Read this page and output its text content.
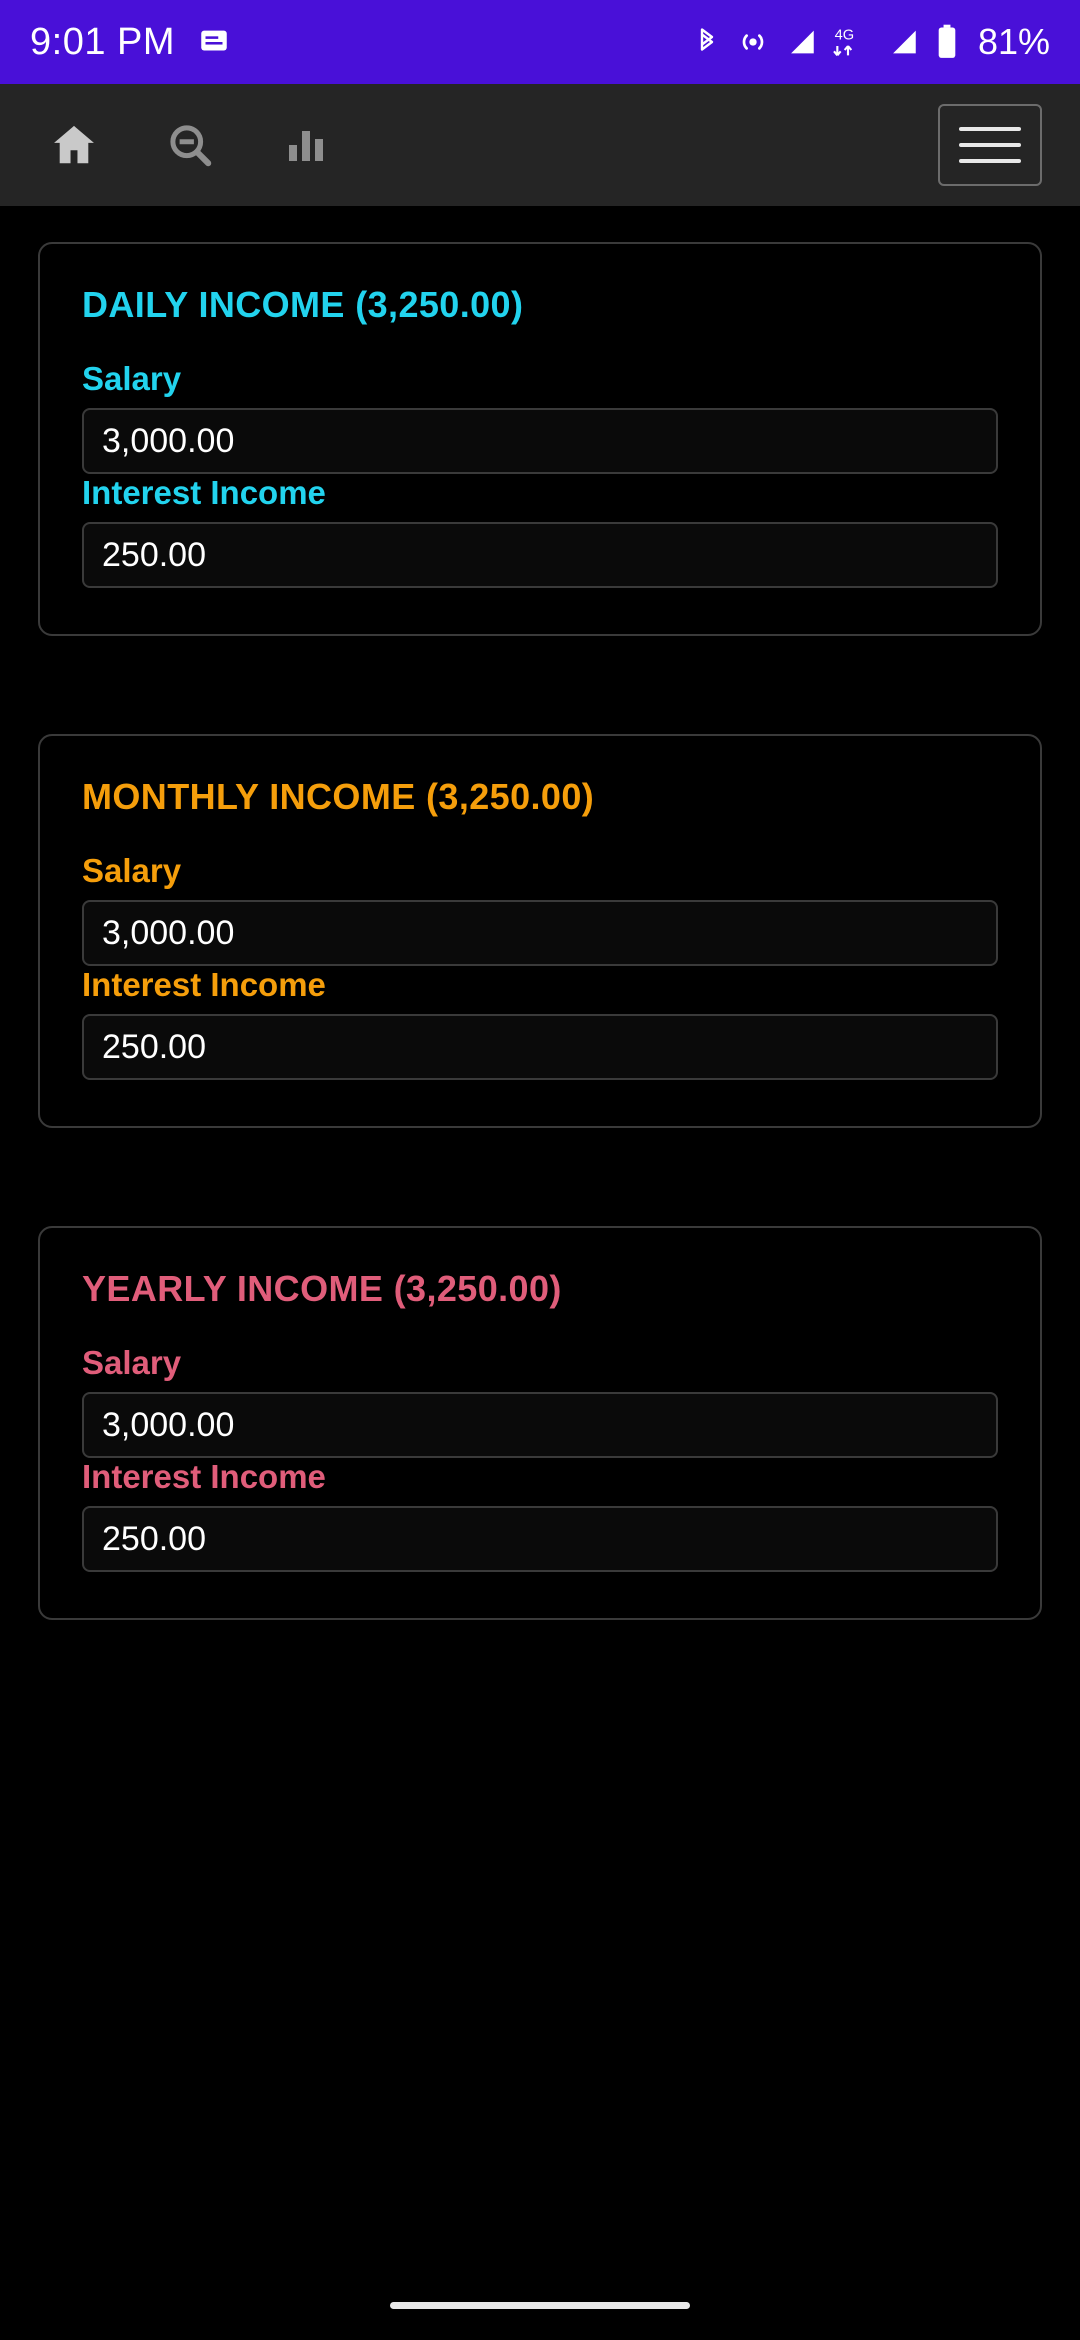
9:01 PM	4G	81%
DAILY INCOME (3,250.00)
Salary
3,000.00
Interest Income
250.00
MONTHLY INCOME (3,250.00)
Salary
3,000.00
Interest Income
250.00
YEARLY INCOME (3,250.00)
Salary
3,000.00
Interest Income
250.00
